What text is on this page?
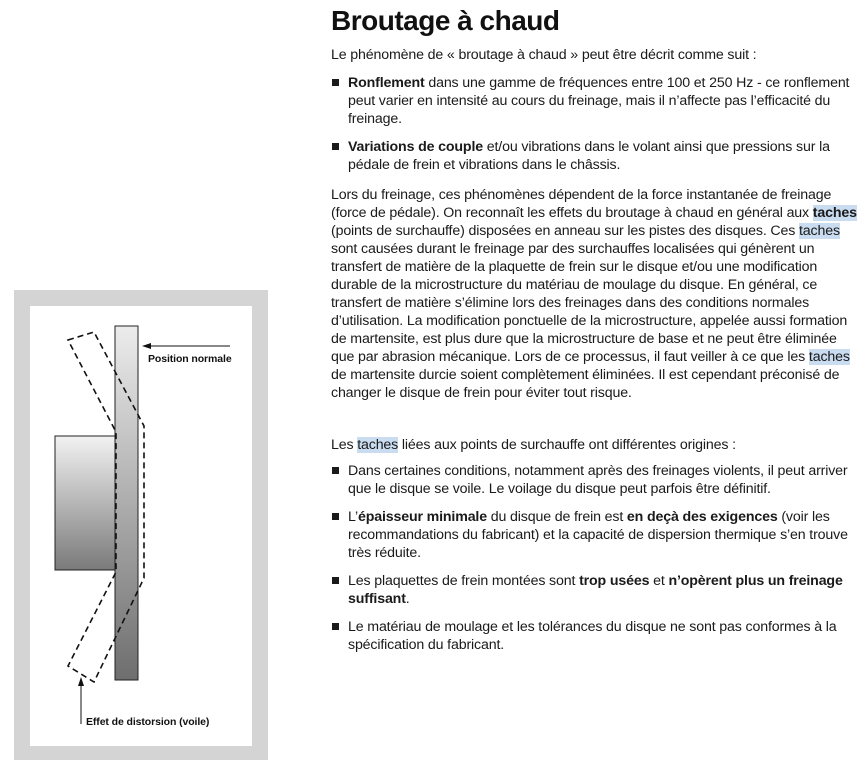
Position normale
Effet de distorsion (voile)
Broutage à chaud

Le phénomène de « broutage à chaud » peut être décrit comme suit :

Ronflement dans une gamme de fréquences entre 100 et 250 Hz - ce ronflement peut varier en intensité au cours du freinage, mais il n’affecte pas l’efficacité du freinage.
Variations de couple et/ou vibrations dans le volant ainsi que pressions sur la pédale de frein et vibrations dans le châssis.

Lors du freinage, ces phénomènes dépendent de la force instantanée de freinage (force de pédale). On reconnaît les effets du broutage à chaud en général aux taches (points de surchauffe) disposées en anneau sur les pistes des disques. Ces taches sont causées durant le freinage par des surchauffes localisées qui génèrent un transfert de matière de la plaquette de frein sur le disque et/ou une modification durable de la microstructure du matériau de moulage du disque. En général, ce transfert de matière s’élimine lors des freinages dans des conditions normales d’utilisation. La modification ponctuelle de la microstructure, appelée aussi formation de martensite, est plus dure que la microstructure de base et ne peut être éliminée que par abrasion mécanique. Lors de ce processus, il faut veiller à ce que les taches de martensite durcie soient complètement éliminées. Il est cependant préconisé de changer le disque de frein pour éviter tout risque.

Les taches liées aux points de surchauffe ont différentes origines :

Dans certaines conditions, notamment après des freinages violents, il peut arriver que le disque se voile. Le voilage du disque peut parfois être définitif.
L’épaisseur minimale du disque de frein est en deçà des exigences (voir les recommandations du fabricant) et la capacité de dispersion thermique s’en trouve très réduite.
Les plaquettes de frein montées sont trop usées et n’opèrent plus un freinage suffisant.
Le matériau de moulage et les tolérances du disque ne sont pas conformes à la spécification du fabricant.
